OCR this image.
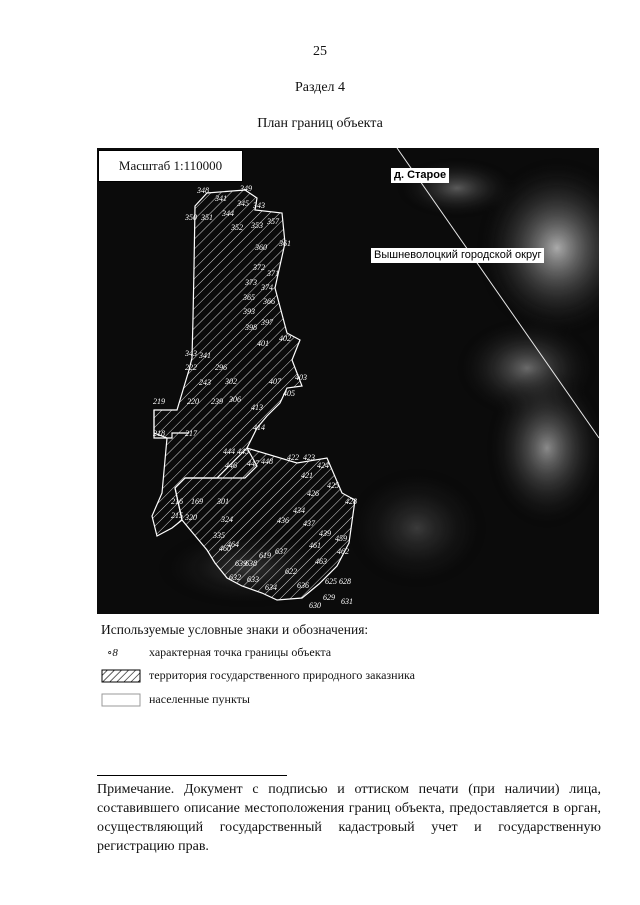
25
Раздел 4
План границ объекта
348	349
341
345
350 351 344
343
352 353 357
360 361
372
371
373
374
365 366
393
397
398
401
402
343 341
222 296
243 302	407 403
405
219	220 239 306
413
414
218	217
444 445
446 447 448 422 423
424
216 169 301
421
426
425
428
215 320	324
335
434
436 437
439
459
460	461
462
463
464
619 637
638
622
625 628
629
630	631
632 633
634	636
639
Масштаб 1:110000
д. Старое
Вышневолоцкий городской округ
Используемые условные знаки и обозначения:
∘8	характерная точка границы объекта
территория государственного природного заказника
населенные пункты
Примечание. Документ с подписью и оттиском печати (при наличии) лица, составившего описание местоположения границ объекта, предоставляется в орган, осуществляющий государственный кадастровый учет и государственную регистрацию прав.
